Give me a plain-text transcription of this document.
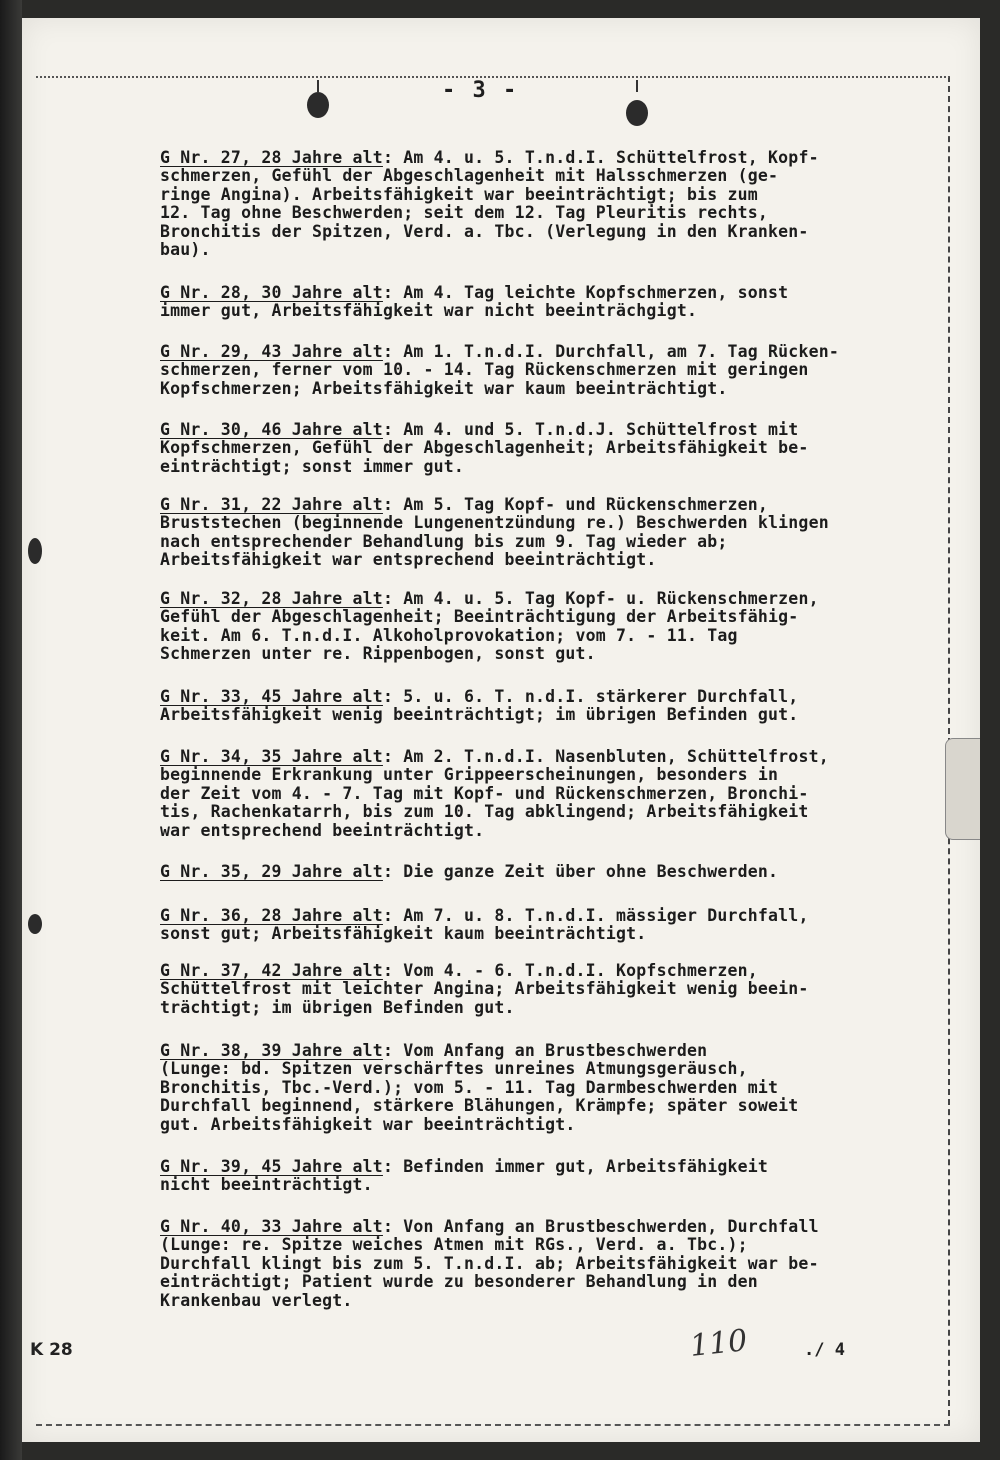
- 3 -
G Nr. 27, 28 Jahre alt: Am 4. u. 5. T.n.d.I. Schüttelfrost, Kopf-
schmerzen, Gefühl der Abgeschlagenheit mit Halsschmerzen (ge-
ringe Angina). Arbeitsfähigkeit war beeinträchtigt; bis zum
12. Tag ohne Beschwerden; seit dem 12. Tag Pleuritis rechts,
Bronchitis der Spitzen, Verd. a. Tbc. (Verlegung in den Kranken-
bau).
G Nr. 28, 30 Jahre alt: Am 4. Tag leichte Kopfschmerzen, sonst
immer gut, Arbeitsfähigkeit war nicht beeinträchgigt.
G Nr. 29, 43 Jahre alt: Am 1. T.n.d.I. Durchfall, am 7. Tag Rücken-
schmerzen, ferner vom 10. - 14. Tag Rückenschmerzen mit geringen
Kopfschmerzen; Arbeitsfähigkeit war kaum beeinträchtigt.
G Nr. 30, 46 Jahre alt: Am 4. und 5. T.n.d.J. Schüttelfrost mit
Kopfschmerzen, Gefühl der Abgeschlagenheit; Arbeitsfähigkeit be-
einträchtigt; sonst immer gut.
G Nr. 31, 22 Jahre alt: Am 5. Tag Kopf- und Rückenschmerzen,
Bruststechen (beginnende Lungenentzündung re.) Beschwerden klingen
nach entsprechender Behandlung bis zum 9. Tag wieder ab;
Arbeitsfähigkeit war entsprechend beeinträchtigt.
G Nr. 32, 28 Jahre alt: Am 4. u. 5. Tag Kopf- u. Rückenschmerzen,
Gefühl der Abgeschlagenheit; Beeinträchtigung der Arbeitsfähig-
keit. Am 6. T.n.d.I. Alkoholprovokation; vom 7. - 11. Tag
Schmerzen unter re. Rippenbogen, sonst gut.
G Nr. 33, 45 Jahre alt: 5. u. 6. T. n.d.I. stärkerer Durchfall,
Arbeitsfähigkeit wenig beeinträchtigt; im übrigen Befinden gut.
G Nr. 34, 35 Jahre alt: Am 2. T.n.d.I. Nasenbluten, Schüttelfrost,
beginnende Erkrankung unter Grippeerscheinungen, besonders in
der Zeit vom 4. - 7. Tag mit Kopf- und Rückenschmerzen, Bronchi-
tis, Rachenkatarrh, bis zum 10. Tag abklingend; Arbeitsfähigkeit
war entsprechend beeinträchtigt.
G Nr. 35, 29 Jahre alt: Die ganze Zeit über ohne Beschwerden.
G Nr. 36, 28 Jahre alt: Am 7. u. 8. T.n.d.I. mässiger Durchfall,
sonst gut; Arbeitsfähigkeit kaum beeinträchtigt.
G Nr. 37, 42 Jahre alt: Vom 4. - 6. T.n.d.I. Kopfschmerzen,
Schüttelfrost mit leichter Angina; Arbeitsfähigkeit wenig beein-
trächtigt; im übrigen Befinden gut.
G Nr. 38, 39 Jahre alt: Vom Anfang an Brustbeschwerden
(Lunge: bd. Spitzen verschärftes unreines Atmungsgeräusch,
Bronchitis, Tbc.-Verd.); vom 5. - 11. Tag Darmbeschwerden mit
Durchfall beginnend, stärkere Blähungen, Krämpfe; später soweit
gut. Arbeitsfähigkeit war beeinträchtigt.
G Nr. 39, 45 Jahre alt: Befinden immer gut, Arbeitsfähigkeit
nicht beeinträchtigt.
G Nr. 40, 33 Jahre alt: Von Anfang an Brustbeschwerden, Durchfall
(Lunge: re. Spitze weiches Atmen mit RGs., Verd. a. Tbc.);
Durchfall klingt bis zum 5. T.n.d.I. ab; Arbeitsfähigkeit war be-
einträchtigt; Patient wurde zu besonderer Behandlung in den
Krankenbau verlegt.
K 28	110	./ 4
